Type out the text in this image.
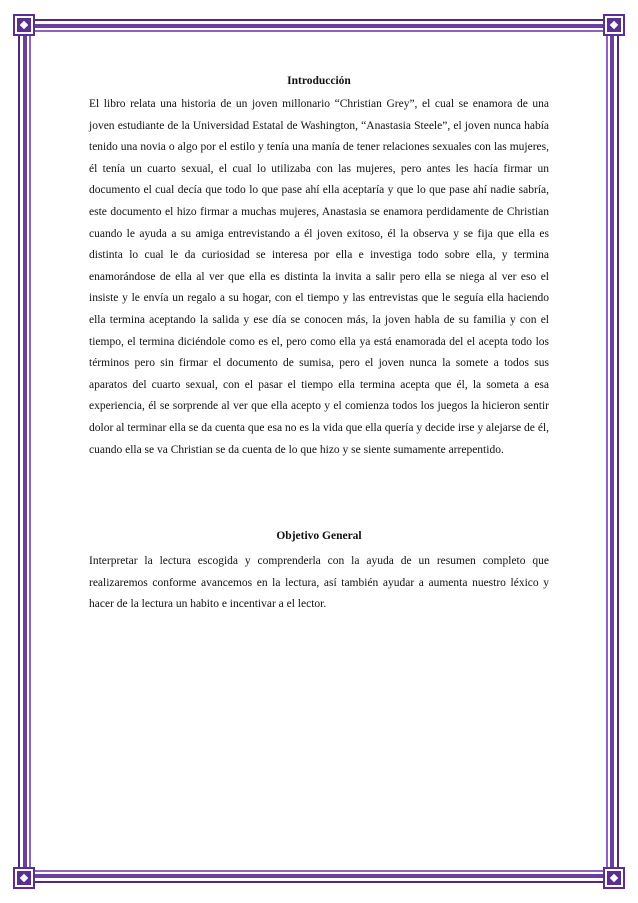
Introducción

El libro relata una historia de un joven millonario “Christian Grey”, el cual se enamora de una joven estudiante de la Universidad Estatal de Washington, “Anastasia Steele”, el joven nunca había tenido una novia o algo por el estilo y tenía una manía de tener relaciones sexuales con las mujeres, él tenía un cuarto sexual, el cual lo utilizaba con las mujeres, pero antes les hacía firmar un documento el cual decía que todo lo que pase ahí ella aceptaría y que lo que pase ahí nadie sabría, este documento el hizo firmar a muchas mujeres, Anastasia se enamora perdidamente de Christian cuando le ayuda a su amiga entrevistando a él joven exitoso, él la observa y se fija que ella es distinta lo cual le da curiosidad se interesa por ella e investiga todo sobre ella, y termina enamorándose de ella al ver que ella es distinta la invita a salir pero ella se niega al ver eso el insiste y le envía un regalo a su hogar, con el tiempo y las entrevistas que le seguía ella haciendo ella termina aceptando la salida y ese día se conocen más, la joven habla de su familia y con el tiempo, el termina diciéndole como es el, pero como ella ya está enamorada del el acepta todo los términos pero sin firmar el documento de sumisa, pero el joven nunca la somete a todos sus aparatos del cuarto sexual, con el pasar el tiempo ella termina acepta que él, la someta a esa experiencia, él se sorprende al ver que ella acepto y el comienza todos los juegos la hicieron sentir dolor al terminar ella se da cuenta que esa no es la vida que ella quería y decide irse y alejarse de él, cuando ella se va Christian se da cuenta de lo que hizo y se siente sumamente arrepentido.

Objetivo General

Interpretar la lectura escogida y comprenderla con la ayuda de un resumen completo que realizaremos conforme avancemos en la lectura, así también ayudar a aumenta nuestro léxico y hacer de la lectura un habito e incentivar a el lector.
